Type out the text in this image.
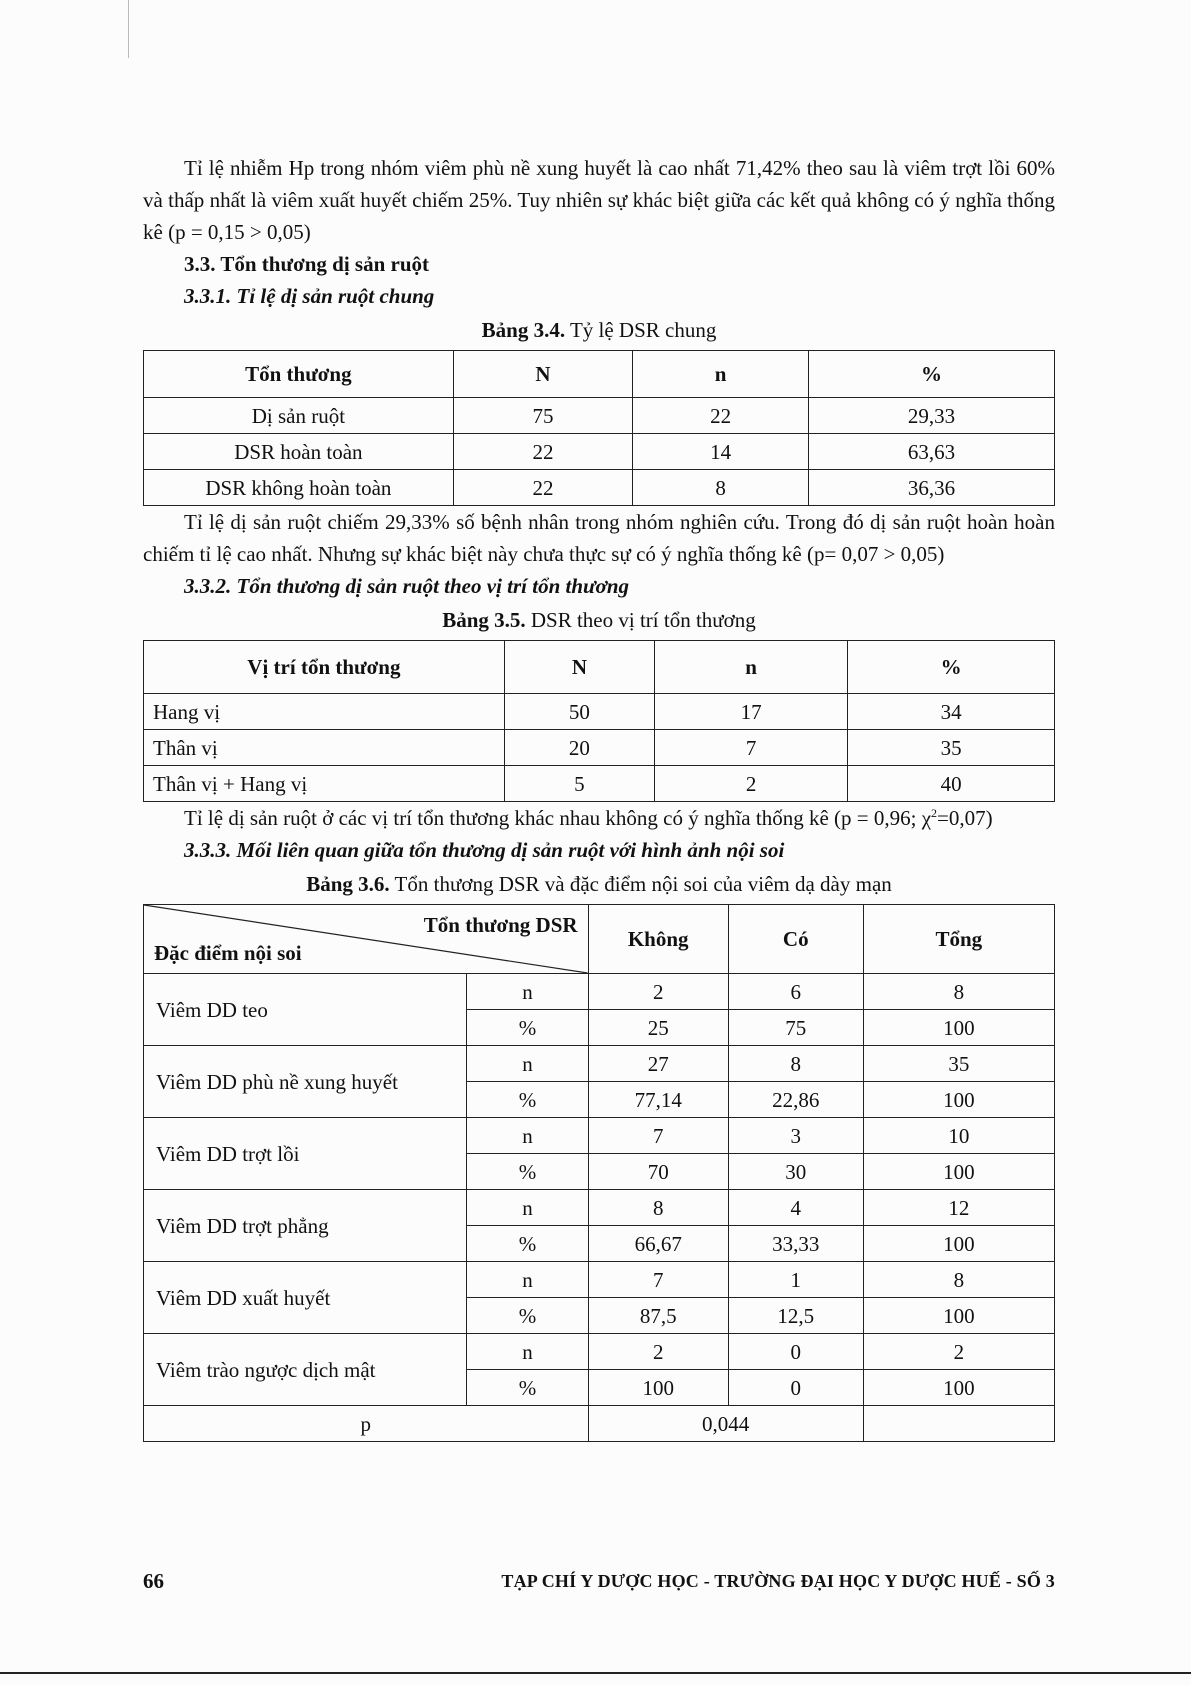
Tỉ lệ nhiễm Hp trong nhóm viêm phù nề xung huyết là cao nhất 71,42% theo sau là viêm trợt lồi 60% và thấp nhất là viêm xuất huyết chiếm 25%. Tuy nhiên sự khác biệt giữa các kết quả không có ý nghĩa thống kê (p = 0,15 > 0,05)

3.3. Tổn thương dị sản ruột
3.3.1. Tỉ lệ dị sản ruột chung
Bảng 3.4. Tỷ lệ DSR chung
Tổn thương	N	n	%
Dị sản ruột	75	22	29,33
DSR hoàn toàn	22	14	63,63
DSR không hoàn toàn	22	8	36,36

Tỉ lệ dị sản ruột chiếm 29,33% số bệnh nhân trong nhóm nghiên cứu. Trong đó dị sản ruột hoàn hoàn chiếm tỉ lệ cao nhất. Nhưng sự khác biệt này chưa thực sự có ý nghĩa thống kê (p= 0,07 > 0,05)

3.3.2. Tổn thương dị sản ruột theo vị trí tổn thương
Bảng 3.5. DSR theo vị trí tổn thương
Vị trí tổn thương	N	n	%
Hang vị	50	17	34
Thân vị	20	7	35
Thân vị + Hang vị	5	2	40

Tỉ lệ dị sản ruột ở các vị trí tổn thương khác nhau không có ý nghĩa thống kê (p = 0,96; $\chi^2=0,07$)

3.3.3. Mối liên quan giữa tổn thương dị sản ruột với hình ảnh nội soi
Bảng 3.6. Tổn thương DSR và đặc điểm nội soi của viêm dạ dày mạn
Tổn thương DSR
Đặc điểm nội soi		Không	Có	Tổng
Viêm DD teo	n	2	6	8
	%	25	75	100
Viêm DD phù nề xung huyết	n	27	8	35
	%	77,14	22,86	100
Viêm DD trợt lồi	n	7	3	10
	%	70	30	100
Viêm DD trợt phẳng	n	8	4	12
	%	66,67	33,33	100
Viêm DD xuất huyết	n	7	1	8
	%	87,5	12,5	100
Viêm trào ngược dịch mật	n	2	0	2
	%	100	0	100
p		0,044		
66	TẠP CHÍ Y DƯỢC HỌC - TRƯỜNG ĐẠI HỌC Y DƯỢC HUẾ - SỐ 3
